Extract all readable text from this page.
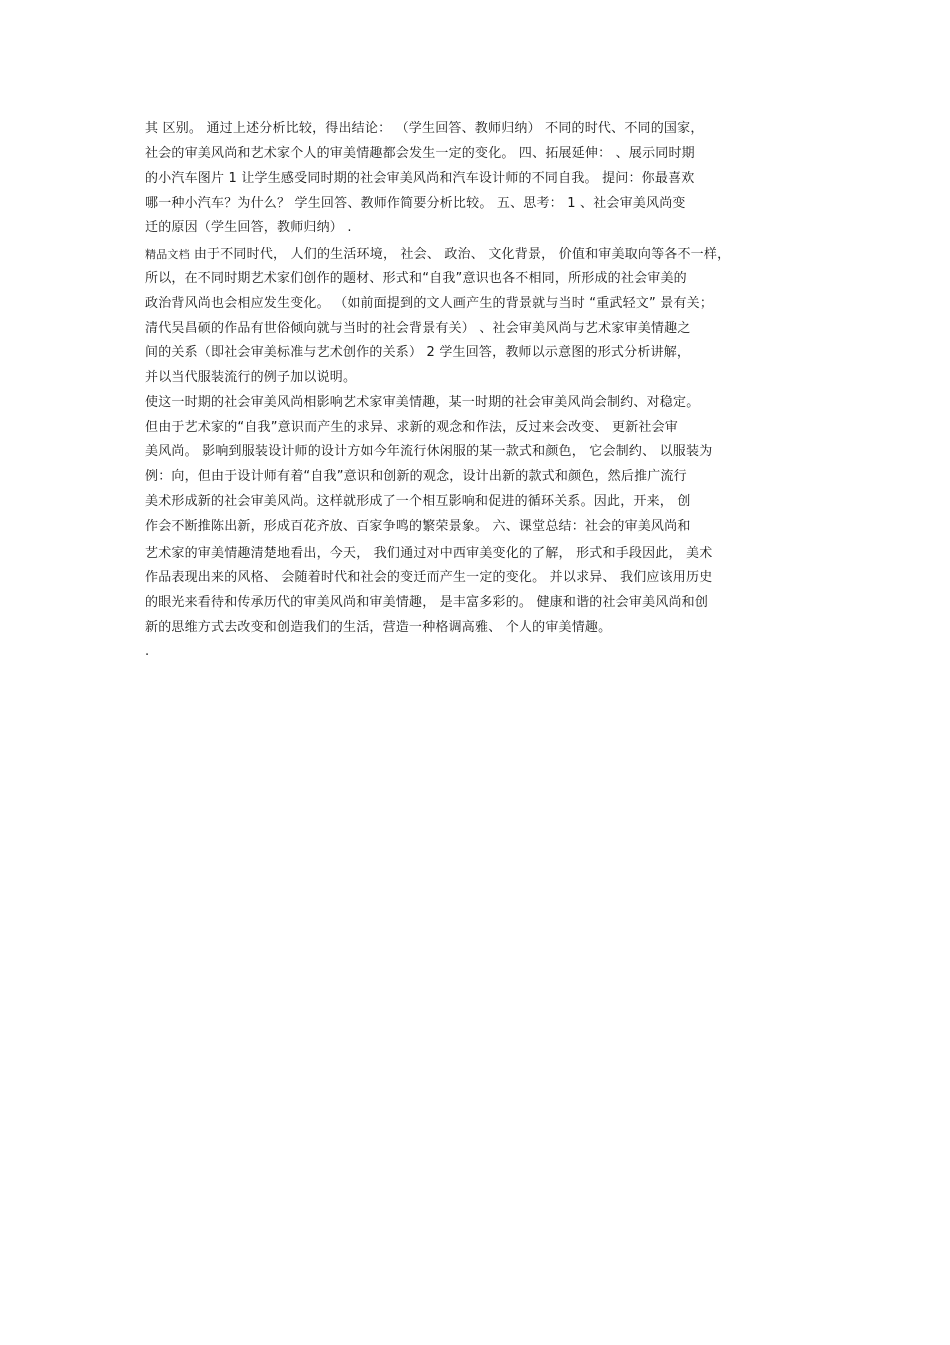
其 区别。 通过上述分析比较，得出结论： （学生回答、教师归纳） 不同的时代、不同的国家，
社会的审美风尚和艺术家个人的审美情趣都会发生一定的变化。 四、拓展延伸： 、展示同时期
的小汽车图片 1 让学生感受同时期的社会审美风尚和汽车设计师的不同自我。 提问：你最喜欢
哪一种小汽车？为什么？ 学生回答、教师作简要分析比较。 五、思考： 1 、社会审美风尚变
迁的原因（学生回答，教师归纳） .
精品文档 由于不同时代， 人们的生活环境， 社会、 政治、 文化背景， 价值和审美取向等各不一样，
所以，在不同时期艺术家们创作的题材、形式和“自我”意识也各不相同，所形成的社会审美的
政治背风尚也会相应发生变化。 （如前面提到的文人画产生的背景就与当时 “重武轻文” 景有关；
清代吴昌硕的作品有世俗倾向就与当时的社会背景有关） 、社会审美风尚与艺术家审美情趣之
间的关系（即社会审美标准与艺术创作的关系） 2 学生回答，教师以示意图的形式分析讲解，
并以当代服装流行的例子加以说明。
使这一时期的社会审美风尚相影响艺术家审美情趣，某一时期的社会审美风尚会制约、对稳定。
但由于艺术家的“自我”意识而产生的求异、求新的观念和作法，反过来会改变、 更新社会审
美风尚。 影响到服装设计师的设计方如今年流行休闲服的某一款式和颜色， 它会制约、 以服装为
例：向，但由于设计师有着“自我”意识和创新的观念，设计出新的款式和颜色，然后推广流行
美术形成新的社会审美风尚。这样就形成了一个相互影响和促进的循环关系。因此，开来， 创
作会不断推陈出新，形成百花齐放、百家争鸣的繁荣景象。 六、课堂总结：社会的审美风尚和
艺术家的审美情趣清楚地看出，今天， 我们通过对中西审美变化的了解， 形式和手段因此， 美术
作品表现出来的风格、 会随着时代和社会的变迁而产生一定的变化。 并以求异、 我们应该用历史
的眼光来看待和传承历代的审美风尚和审美情趣， 是丰富多彩的。 健康和谐的社会审美风尚和创
新的思维方式去改变和创造我们的生活，营造一种格调高雅、 个人的审美情趣。
.
